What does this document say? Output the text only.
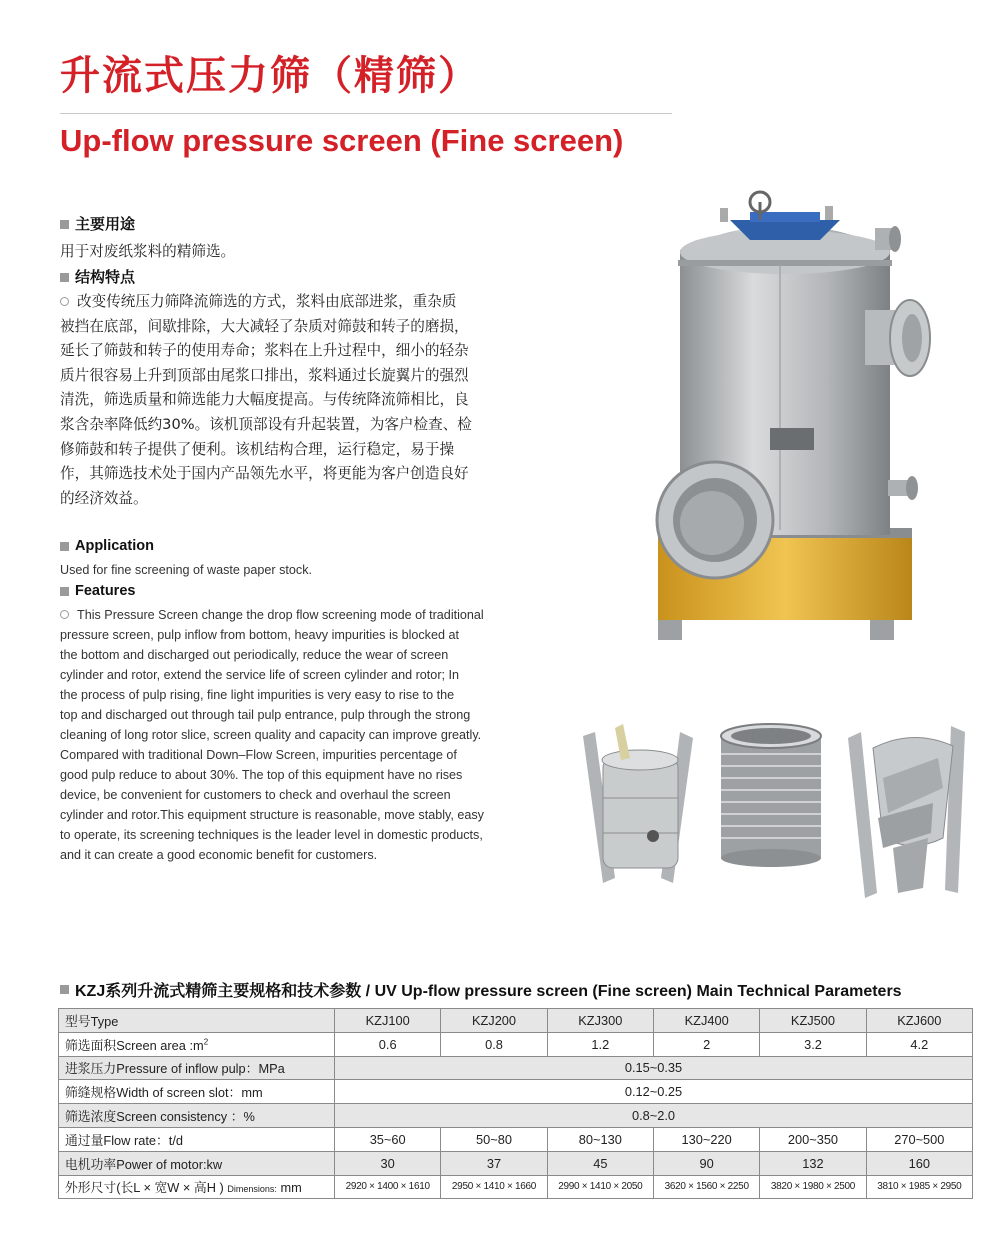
升流式压力筛（精筛）
Up-flow pressure screen (Fine screen)
主要用途

用于对废纸浆料的精筛选。

结构特点
改变传统压力筛降流筛选的方式，浆料由底部进浆，重杂质
被挡在底部，间歇排除，大大减轻了杂质对筛鼓和转子的磨损，
延长了筛鼓和转子的使用寿命；浆料在上升过程中，细小的轻杂
质片很容易上升到顶部由尾浆口排出，浆料通过长旋翼片的强烈
清洗，筛选质量和筛选能力大幅度提高。与传统降流筛相比，良
浆含杂率降低约30%。该机顶部设有升起装置，为客户检查、检
修筛鼓和转子提供了便利。该机结构合理，运行稳定，易于操
作，其筛选技术处于国内产品领先水平，将更能为客户创造良好
的经济效益。
Application

Used for fine screening of waste paper stock.

Features
This Pressure Screen change the drop flow screening mode of traditional
pressure screen, pulp inflow from bottom, heavy impurities is blocked at
the bottom and discharged out periodically, reduce the wear of screen
cylinder and rotor, extend the service life of screen cylinder and rotor; In
the process of pulp rising, fine light impurities is very easy to rise to the
top and discharged out through tail pulp entrance, pulp through the strong
cleaning of long rotor slice, screen quality and capacity can improve greatly.
Compared with traditional Down–Flow Screen, impurities percentage of
good pulp reduce to about 30%. The top of this equipment have no rises
device, be convenient for customers to check and overhaul the screen
cylinder and rotor.This equipment structure is reasonable, move stably, easy
to operate, its screening techniques is the leader level in domestic products,
and it can create a good economic benefit for customers.
KZJ系列升流式精筛主要规格和技术参数 / UV Up-flow pressure screen (Fine screen) Main Technical Parameters
型号Type	KZJ100	KZJ200	KZJ300	KZJ400	KZJ500	KZJ600
筛选面积Screen area $:m^2$	0.6	0.8	1.2	2	3.2	4.2
进浆压力Pressure of inflow pulp：MPa	0.15~0.35					
筛缝规格Width of screen slot：mm	0.12~0.25					
筛选浓度Screen consistency ：%	0.8~2.0					
通过量Flow rate：t/d	35~60	50~80	80~130	130~220	200~350	270~500
电机功率Power of motor:kw	30	37	45	90	132	160
外形尺寸(长L × 宽W × 高H ) Dimensions: mm	2920 × 1400 × 1610	2950 × 1410 × 1660	2990 × 1410 × 2050	3620 × 1560 × 2250	3820 × 1980 × 2500	3810 × 1985 × 2950
